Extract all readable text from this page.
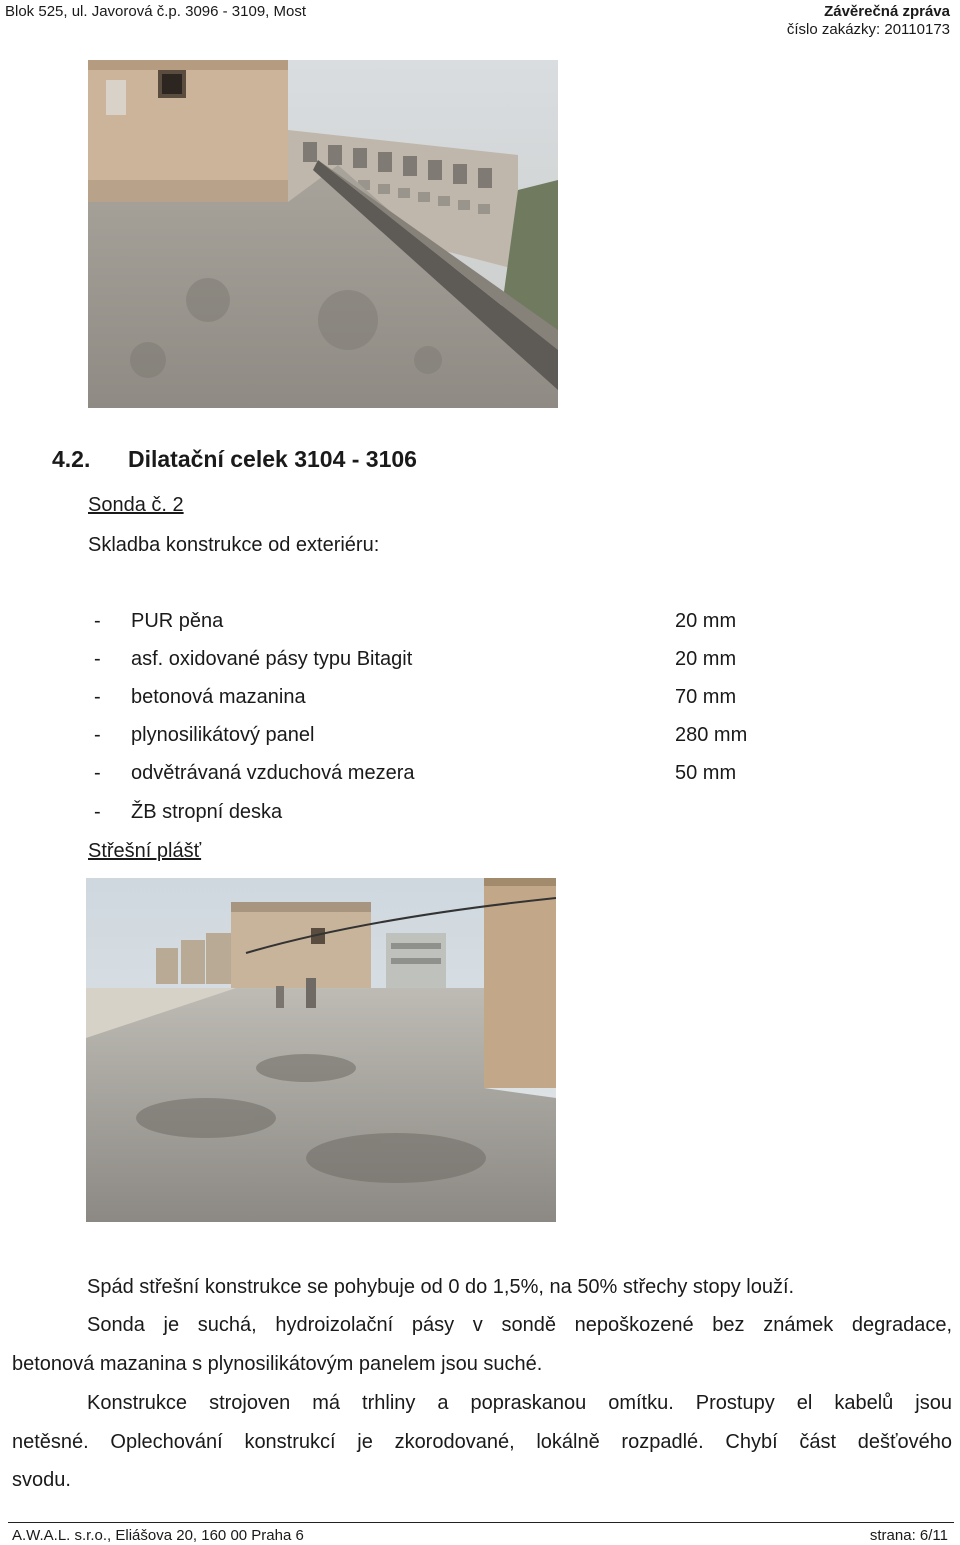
Blok 525, ul. Javorová č.p. 3096 - 3109, Most	Závěrečná zpráva
číslo zakázky: 20110173
4.2. Dilatační celek 3104 - 3106
Sonda č. 2
Skladba konstrukce od exteriéru:
- PUR pěna	20 mm
- asf. oxidované pásy typu Bitagit	20 mm
- betonová mazanina	70 mm
- plynosilikátový panel	280 mm
- odvětrávaná vzduchová mezera	50 mm
- ŽB stropní deska
Střešní plášť
Spád střešní konstrukce se pohybuje od 0 do 1,5%, na 50% střechy stopy louží.
Sonda je suchá, hydroizolační pásy v sondě nepoškozené bez známek degradace,
betonová mazanina s plynosilikátovým panelem jsou suché.
Konstrukce strojoven má trhliny a popraskanou omítku. Prostupy el kabelů jsou
netěsné. Oplechování konstrukcí je zkorodované, lokálně rozpadlé. Chybí část dešťového
svodu.
A.W.A.L. s.r.o., Eliášova 20, 160 00 Praha 6	strana: 6/11
